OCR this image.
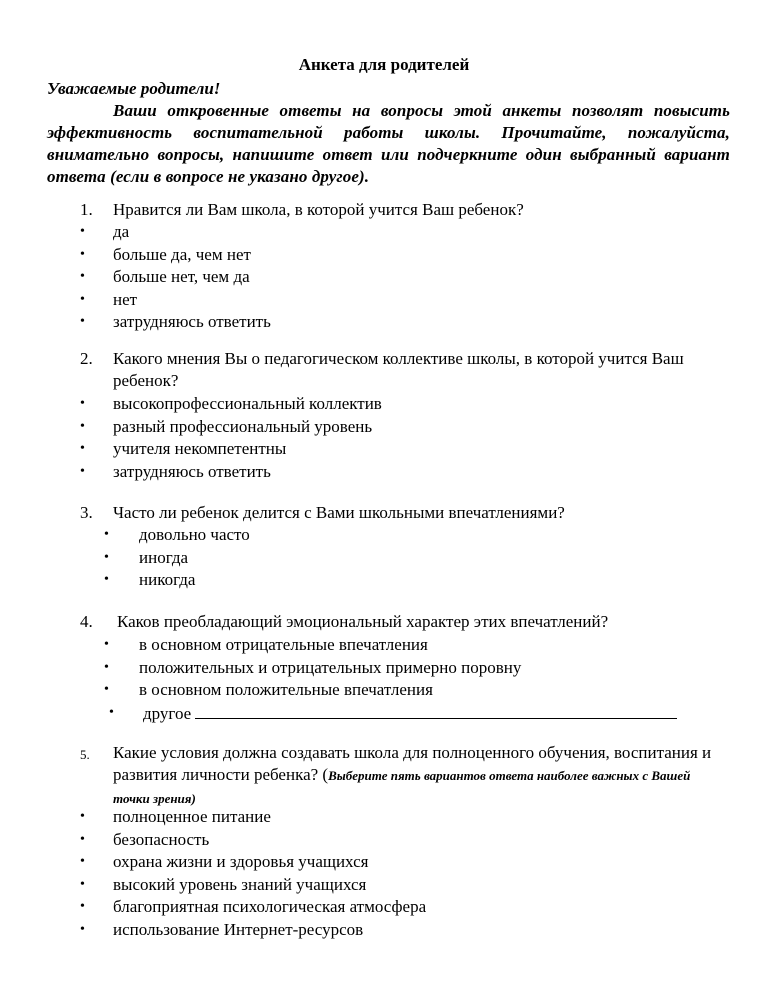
Анкета для родителей
Уважаемые родители!
Ваши откровенные ответы на вопросы этой анкеты позволят повысить эффективность воспитательной работы школы. Прочитайте, пожалуйста, внимательно вопросы, напишите ответ или подчеркните один выбранный вариант ответа (если в вопросе не указано другое).
1. Нравится ли Вам школа, в которой учится Ваш ребенок?
• да
• больше да, чем нет
• больше нет, чем да
• нет
• затрудняюсь ответить
2. Какого мнения Вы о педагогическом коллективе школы, в которой учится Ваш ребенок?
• высокопрофессиональный коллектив
• разный профессиональный уровень
• учителя некомпетентны
• затрудняюсь ответить
3. Часто ли ребенок делится с Вами школьными впечатлениями?
• довольно часто
• иногда
• никогда
4. Каков преобладающий эмоциональный характер этих впечатлений?
• в основном отрицательные впечатления
• положительных и отрицательных примерно поровну
• в основном положительные впечатления
• другое
5. Какие условия должна создавать школа для полноценного обучения, воспитания и развития личности ребенка? (Выберите пять вариантов ответа наиболее важных с Вашей точки зрения)
• полноценное питание
• безопасность
• охрана жизни и здоровья учащихся
• высокий уровень знаний учащихся
• благоприятная психологическая атмосфера
• использование Интернет-ресурсов
